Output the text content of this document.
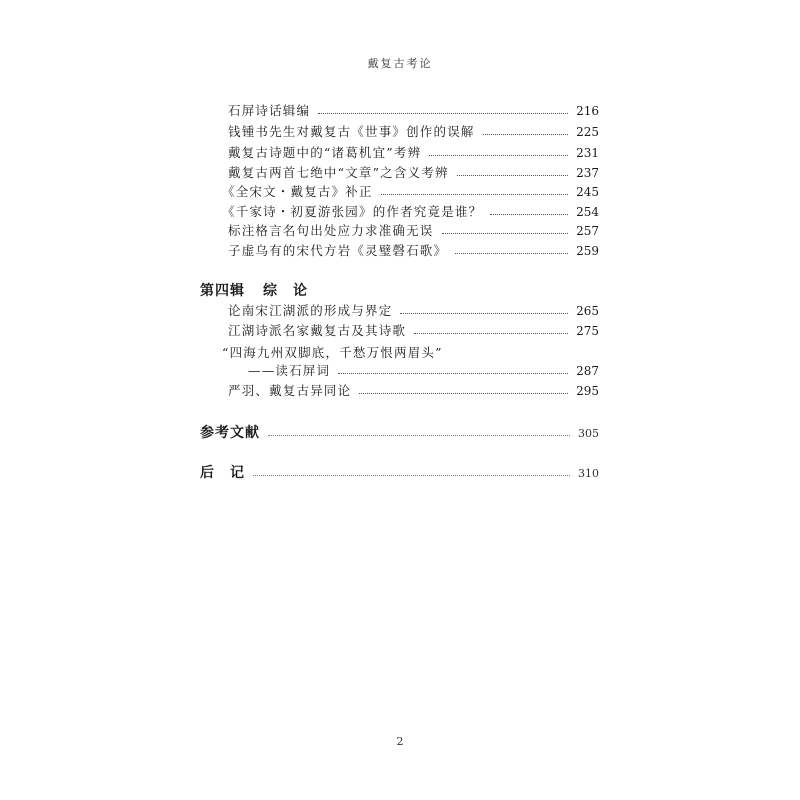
戴复古考论
石屏诗话辑编	216
钱锺书先生对戴复古《世事》创作的误解	225
戴复古诗题中的“诸葛机宜”考辨	231
戴复古两首七绝中“文章”之含义考辨	237
《全宋文・戴复古》补正	245
《千家诗・初夏游张园》的作者究竟是谁？	254
标注格言名句出处应力求准确无误	257
子虚乌有的宋代方岩《灵璧磬石歌》	259
第四辑 综　论
论南宋江湖派的形成与界定	265
江湖诗派名家戴复古及其诗歌	275
“四海九州双脚底，千愁万恨两眉头”
——读石屏词	287
严羽、戴复古异同论	295
参考文献	305
后　记	310
2
